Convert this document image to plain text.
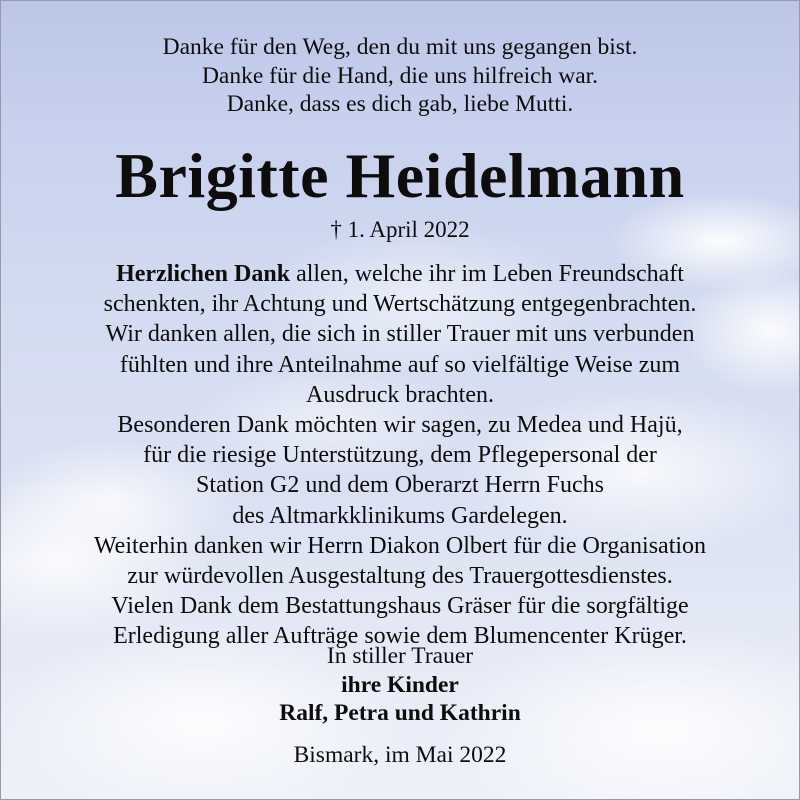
Danke für den Weg, den du mit uns gegangen bist.
Danke für die Hand, die uns hilfreich war.
Danke, dass es dich gab, liebe Mutti.
Brigitte Heidelmann
† 1. April 2022
Herzlichen Dank allen, welche ihr im Leben Freundschaft
schenkten, ihr Achtung und Wertschätzung entgegenbrachten.
Wir danken allen, die sich in stiller Trauer mit uns verbunden
fühlten und ihre Anteilnahme auf so vielfältige Weise zum
Ausdruck brachten.
Besonderen Dank möchten wir sagen, zu Medea und Hajü,
für die riesige Unterstützung, dem Pflegepersonal der
Station G2 und dem Oberarzt Herrn Fuchs
des Altmarkklinikums Gardelegen.
Weiterhin danken wir Herrn Diakon Olbert für die Organisation
zur würdevollen Ausgestaltung des Trauergottesdienstes.
Vielen Dank dem Bestattungshaus Gräser für die sorgfältige
Erledigung aller Aufträge sowie dem Blumencenter Krüger.
In stiller Trauer
ihre Kinder
Ralf, Petra und Kathrin
Bismark, im Mai 2022
